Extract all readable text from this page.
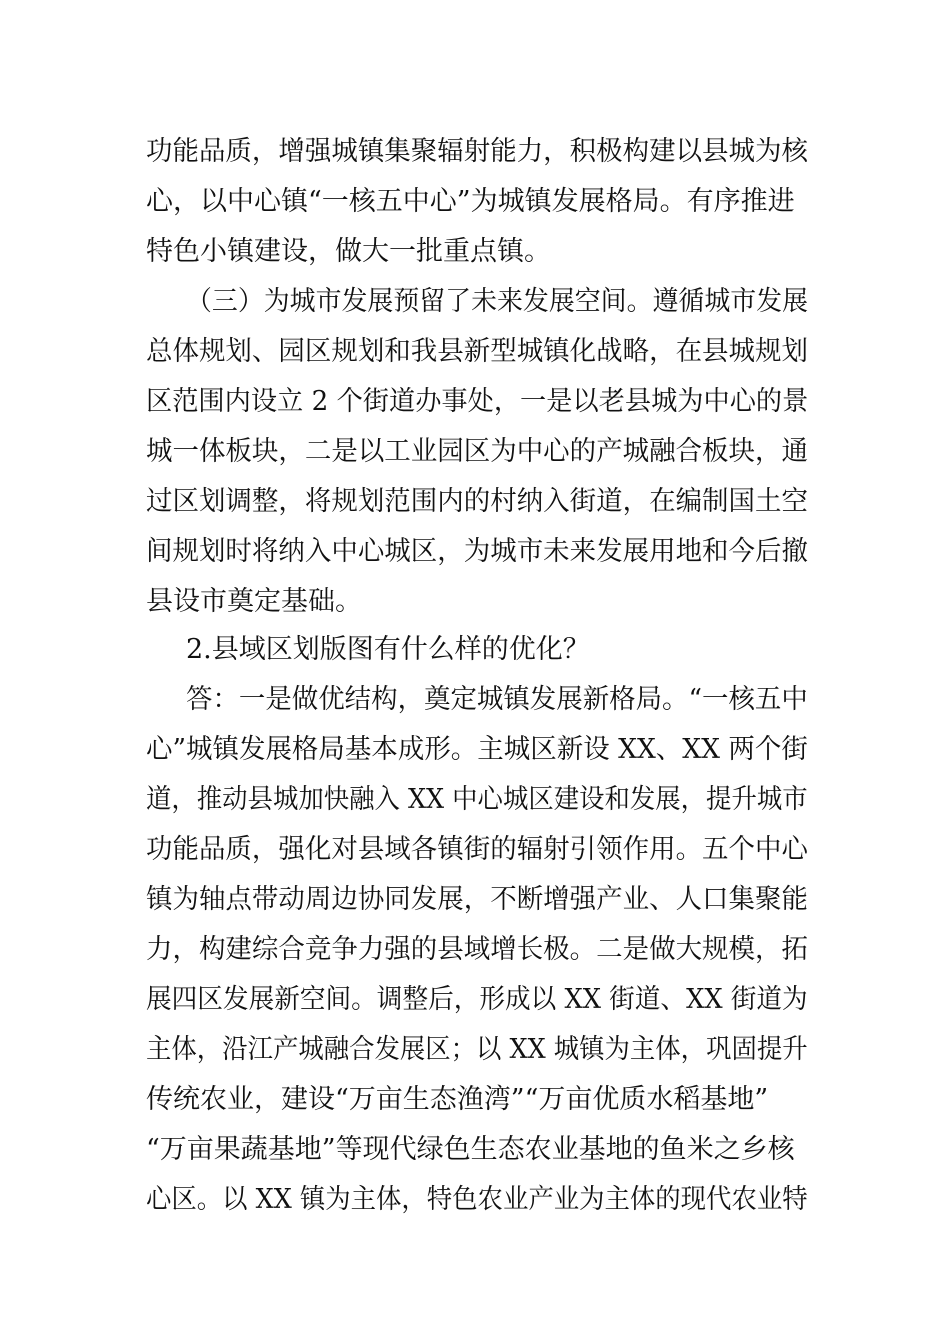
功能品质，增强城镇集聚辐射能力，积极构建以县城为核
心，以中心镇“一核五中心”为城镇发展格局。有序推进
特色小镇建设，做大一批重点镇。
（三）为城市发展预留了未来发展空间。遵循城市发展
总体规划、园区规划和我县新型城镇化战略，在县城规划
区范围内设立 2 个街道办事处，一是以老县城为中心的景
城一体板块，二是以工业园区为中心的产城融合板块，通
过区划调整，将规划范围内的村纳入街道，在编制国土空
间规划时将纳入中心城区，为城市未来发展用地和今后撤
县设市奠定基础。
2.县域区划版图有什么样的优化？
答：一是做优结构，奠定城镇发展新格局。“一核五中
心”城镇发展格局基本成形。主城区新设 XX、XX 两个街
道，推动县城加快融入 XX 中心城区建设和发展，提升城市
功能品质，强化对县域各镇街的辐射引领作用。五个中心
镇为轴点带动周边协同发展，不断增强产业、人口集聚能
力，构建综合竞争力强的县域增长极。二是做大规模，拓
展四区发展新空间。调整后，形成以 XX 街道、XX 街道为
主体，沿江产城融合发展区；以 XX 城镇为主体，巩固提升
传统农业，建设“万亩生态渔湾”“万亩优质水稻基地”
“万亩果蔬基地”等现代绿色生态农业基地的鱼米之乡核
心区。以 XX 镇为主体，特色农业产业为主体的现代农业特
